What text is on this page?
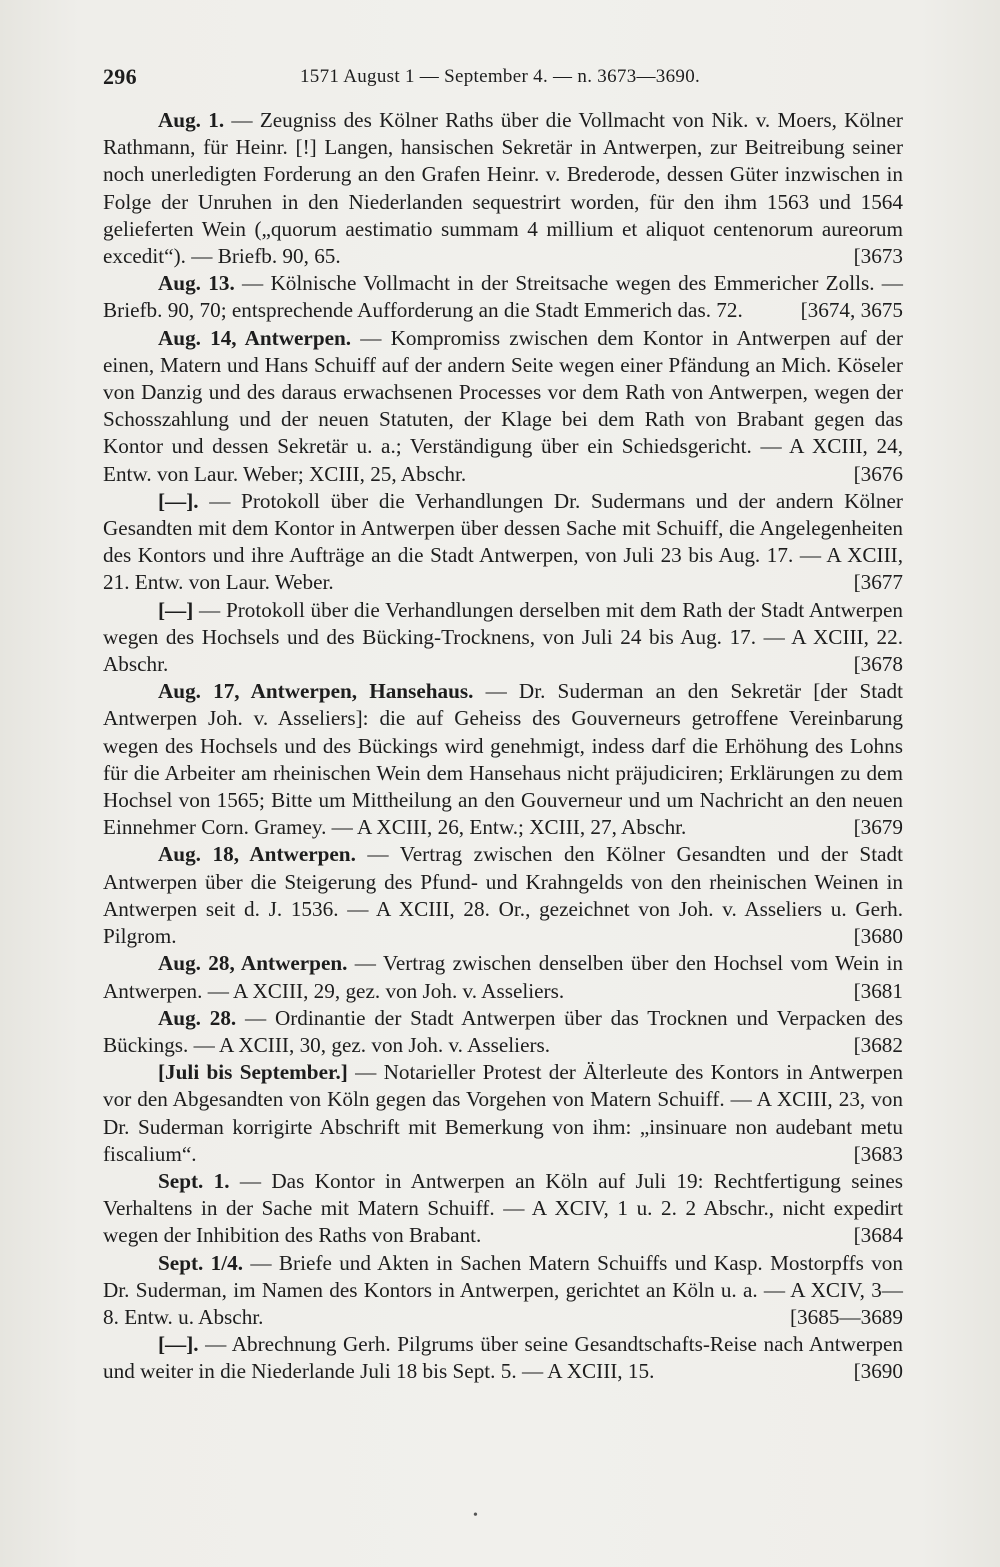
296	1571 August 1 — September 4. — n. 3673—3690.

Aug. 1. — Zeugniss des Kölner Raths über die Vollmacht von Nik. v. Moers, Kölner Rathmann, für Heinr. [!] Langen, hansischen Sekretär in Antwerpen, zur Beitreibung seiner noch unerledigten Forderung an den Grafen Heinr. v. Brederode, dessen Güter inzwischen in Folge der Unruhen in den Niederlanden sequestrirt worden, für den ihm 1563 und 1564 gelieferten Wein („quorum aestimatio summam 4 millium et aliquot centenorum aureorum excedit“). — Briefb. 90, 65.	[3673

Aug. 13. — Kölnische Vollmacht in der Streitsache wegen des Emmericher Zolls. — Briefb. 90, 70; entsprechende Aufforderung an die Stadt Emmerich das. 72.	[3674, 3675

Aug. 14, Antwerpen. — Kompromiss zwischen dem Kontor in Antwerpen auf der einen, Matern und Hans Schuiff auf der andern Seite wegen einer Pfändung an Mich. Köseler von Danzig und des daraus erwachsenen Processes vor dem Rath von Antwerpen, wegen der Schosszahlung und der neuen Statuten, der Klage bei dem Rath von Brabant gegen das Kontor und dessen Sekretär u. a.; Verständigung über ein Schiedsgericht. — A XCIII, 24, Entw. von Laur. Weber; XCIII, 25, Abschr.	[3676

[—]. — Protokoll über die Verhandlungen Dr. Sudermans und der andern Kölner Gesandten mit dem Kontor in Antwerpen über dessen Sache mit Schuiff, die Angelegenheiten des Kontors und ihre Aufträge an die Stadt Antwerpen, von Juli 23 bis Aug. 17. — A XCIII, 21. Entw. von Laur. Weber.	[3677

[—] — Protokoll über die Verhandlungen derselben mit dem Rath der Stadt Antwerpen wegen des Hochsels und des Bücking-Trocknens, von Juli 24 bis Aug. 17. — A XCIII, 22. Abschr.	[3678

Aug. 17, Antwerpen, Hansehaus. — Dr. Suderman an den Sekretär [der Stadt Antwerpen Joh. v. Asseliers]: die auf Geheiss des Gouverneurs getroffene Vereinbarung wegen des Hochsels und des Bückings wird genehmigt, indess darf die Erhöhung des Lohns für die Arbeiter am rheinischen Wein dem Hansehaus nicht präjudiciren; Erklärungen zu dem Hochsel von 1565; Bitte um Mittheilung an den Gouverneur und um Nachricht an den neuen Einnehmer Corn. Gramey. — A XCIII, 26, Entw.; XCIII, 27, Abschr.	[3679

Aug. 18, Antwerpen. — Vertrag zwischen den Kölner Gesandten und der Stadt Antwerpen über die Steigerung des Pfund- und Krahngelds von den rheinischen Weinen in Antwerpen seit d. J. 1536. — A XCIII, 28. Or., gezeichnet von Joh. v. Asseliers u. Gerh. Pilgrom.	[3680

Aug. 28, Antwerpen. — Vertrag zwischen denselben über den Hochsel vom Wein in Antwerpen. — A XCIII, 29, gez. von Joh. v. Asseliers.	[3681

Aug. 28. — Ordinantie der Stadt Antwerpen über das Trocknen und Verpacken des Bückings. — A XCIII, 30, gez. von Joh. v. Asseliers.	[3682

[Juli bis September.] — Notarieller Protest der Älterleute des Kontors in Antwerpen vor den Abgesandten von Köln gegen das Vorgehen von Matern Schuiff. — A XCIII, 23, von Dr. Suderman korrigirte Abschrift mit Bemerkung von ihm: „insinuare non audebant metu fiscalium“.	[3683

Sept. 1. — Das Kontor in Antwerpen an Köln auf Juli 19: Rechtfertigung seines Verhaltens in der Sache mit Matern Schuiff. — A XCIV, 1 u. 2. 2 Abschr., nicht expedirt wegen der Inhibition des Raths von Brabant.	[3684

Sept. 1/4. — Briefe und Akten in Sachen Matern Schuiffs und Kasp. Mostorpffs von Dr. Suderman, im Namen des Kontors in Antwerpen, gerichtet an Köln u. a. — A XCIV, 3—8. Entw. u. Abschr.	[3685—3689

[—]. — Abrechnung Gerh. Pilgrums über seine Gesandtschafts-Reise nach Antwerpen und weiter in die Niederlande Juli 18 bis Sept. 5. — A XCIII, 15.	[3690

•
